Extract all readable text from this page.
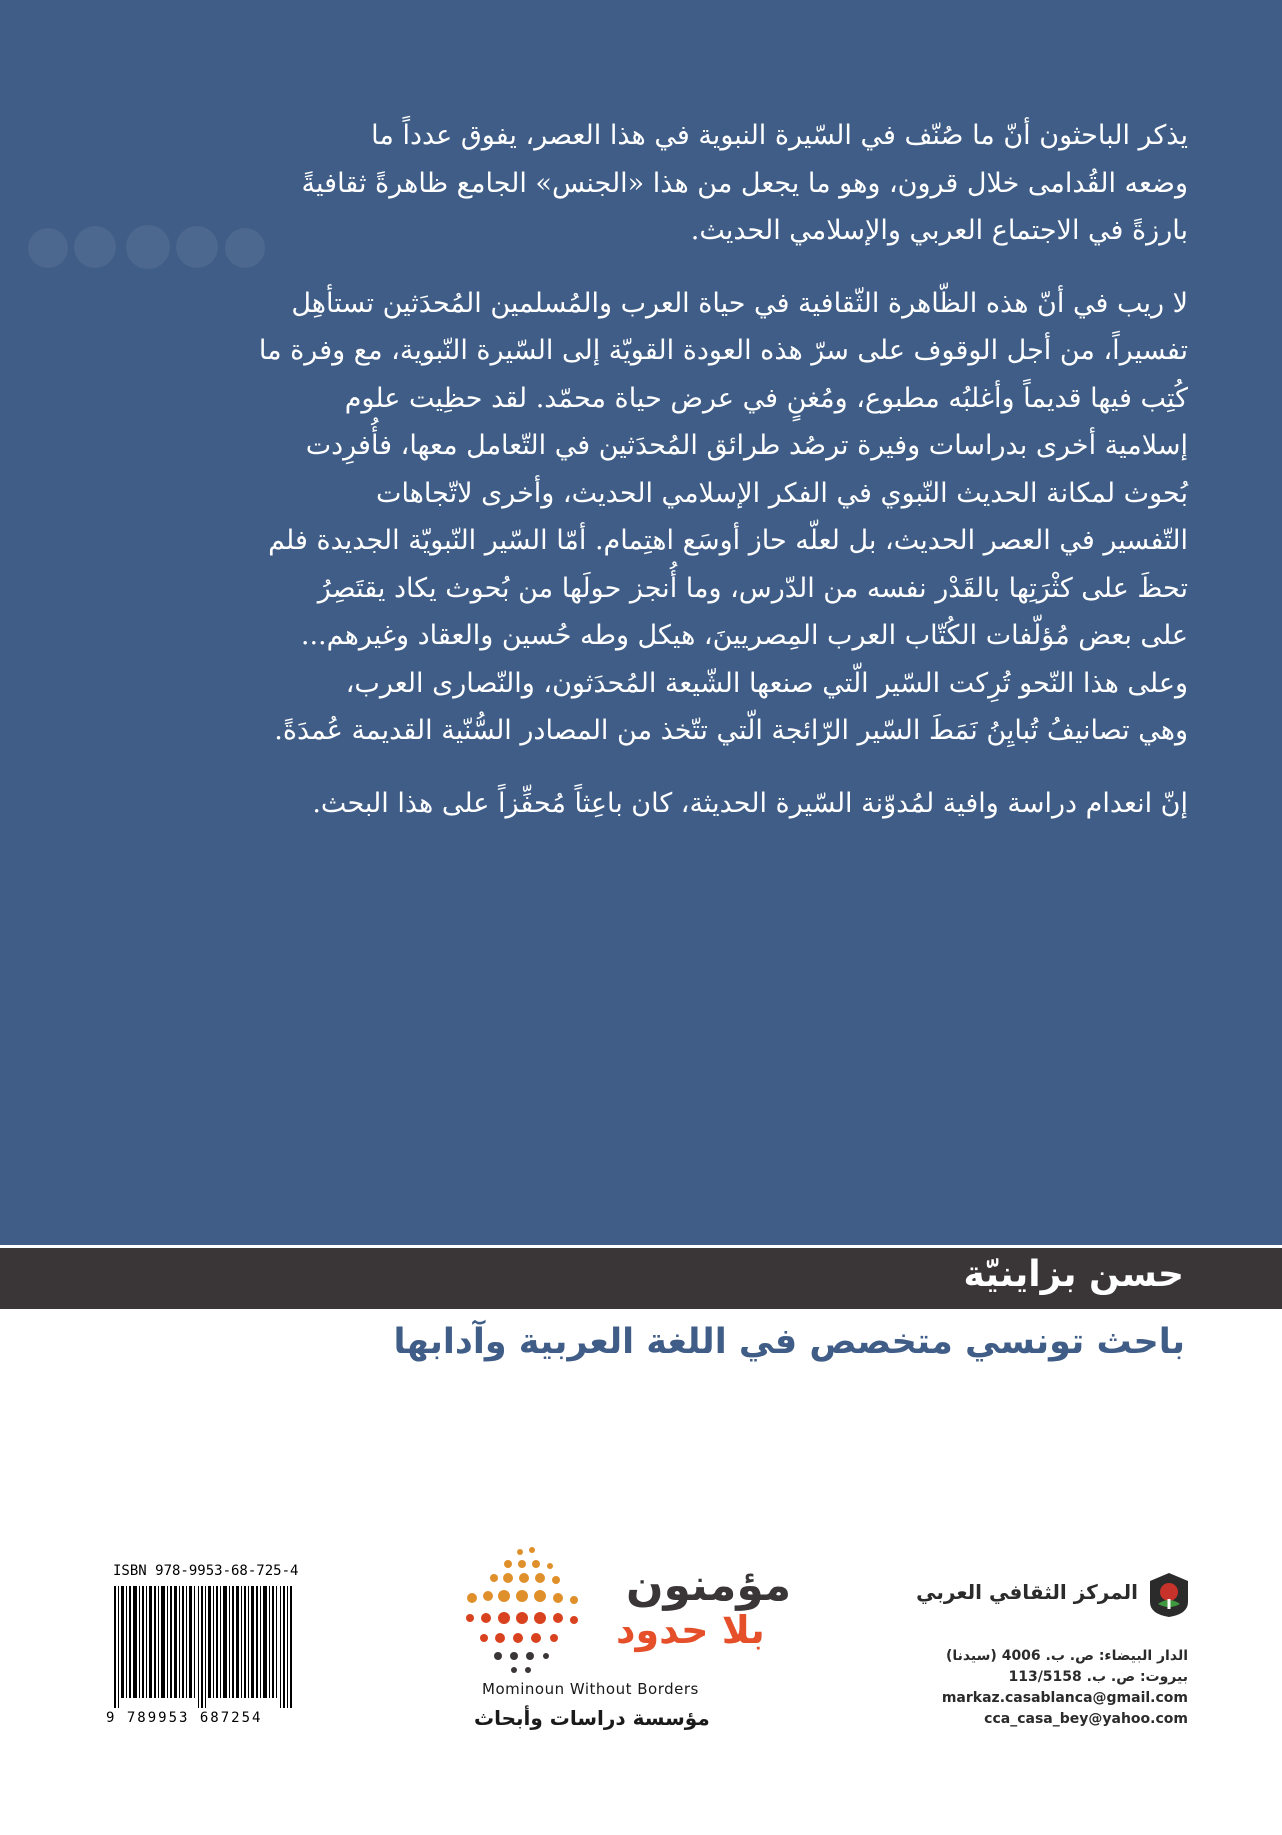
يذكر الباحثون أنّ ما صُنّف في السّيرة النبوية في هذا العصر، يفوق عدداً ما
وضعه القُدامى خلال قرون، وهو ما يجعل من هذا «الجنس» الجامع ظاهرةً ثقافيةً
بارزةً في الاجتماع العربي والإسلامي الحديث.

لا ريب في أنّ هذه الظّاهرة الثّقافية في حياة العرب والمُسلمين المُحدَثين تستأهِل
تفسيراً، من أجل الوقوف على سرّ هذه العودة القويّة إلى السّيرة النّبوية، مع وفرة ما
كُتِب فيها قديماً وأغلبُه مطبوع، ومُغنٍ في عرض حياة محمّد. لقد حظِيت علوم
إسلامية أخرى بدراسات وفيرة ترصُد طرائق المُحدَثين في التّعامل معها، فأُفرِدت
بُحوث لمكانة الحديث النّبوي في الفكر الإسلامي الحديث، وأخرى لاتّجاهات
التّفسير في العصر الحديث، بل لعلّه حاز أوسَع اهتِمام. أمّا السّير النّبويّة الجديدة فلم
تحظَ على كثْرَتِها بالقَدْر نفسه من الدّرس، وما أُنجز حولَها من بُحوث يكاد يقتَصِرُ
على بعض مُؤلّفات الكُتّاب العرب المِصريينَ، هيكل وطه حُسين والعقاد وغيرهم...
وعلى هذا النّحو تُرِكت السّير الّتي صنعها الشّيعة المُحدَثون، والنّصارى العرب،
وهي تصانيفُ تُبايِنُ نَمَطَ السّير الرّائجة الّتي تتّخذ من المصادر السُّنّية القديمة عُمدَةً.

إنّ انعدام دراسة وافية لمُدوّنة السّيرة الحديثة، كان باعِثاً مُحفِّزاً على هذا البحث.

حسن بزاينيّة
باحث تونسي متخصص في اللغة العربية وآدابها
ISBN 978-9953-68-725-4
9 789953 687254
مؤمنون
بلا حدود
Mominoun Without Borders
مؤسسة دراسات وأبحاث
المركز الثقافي العربي
الدار البيضاء: ص. ب. 4006 (سيدنا)
بيروت: ص. ب. 113/5158
markaz.casablanca@gmail.com
cca_casa_bey@yahoo.com
